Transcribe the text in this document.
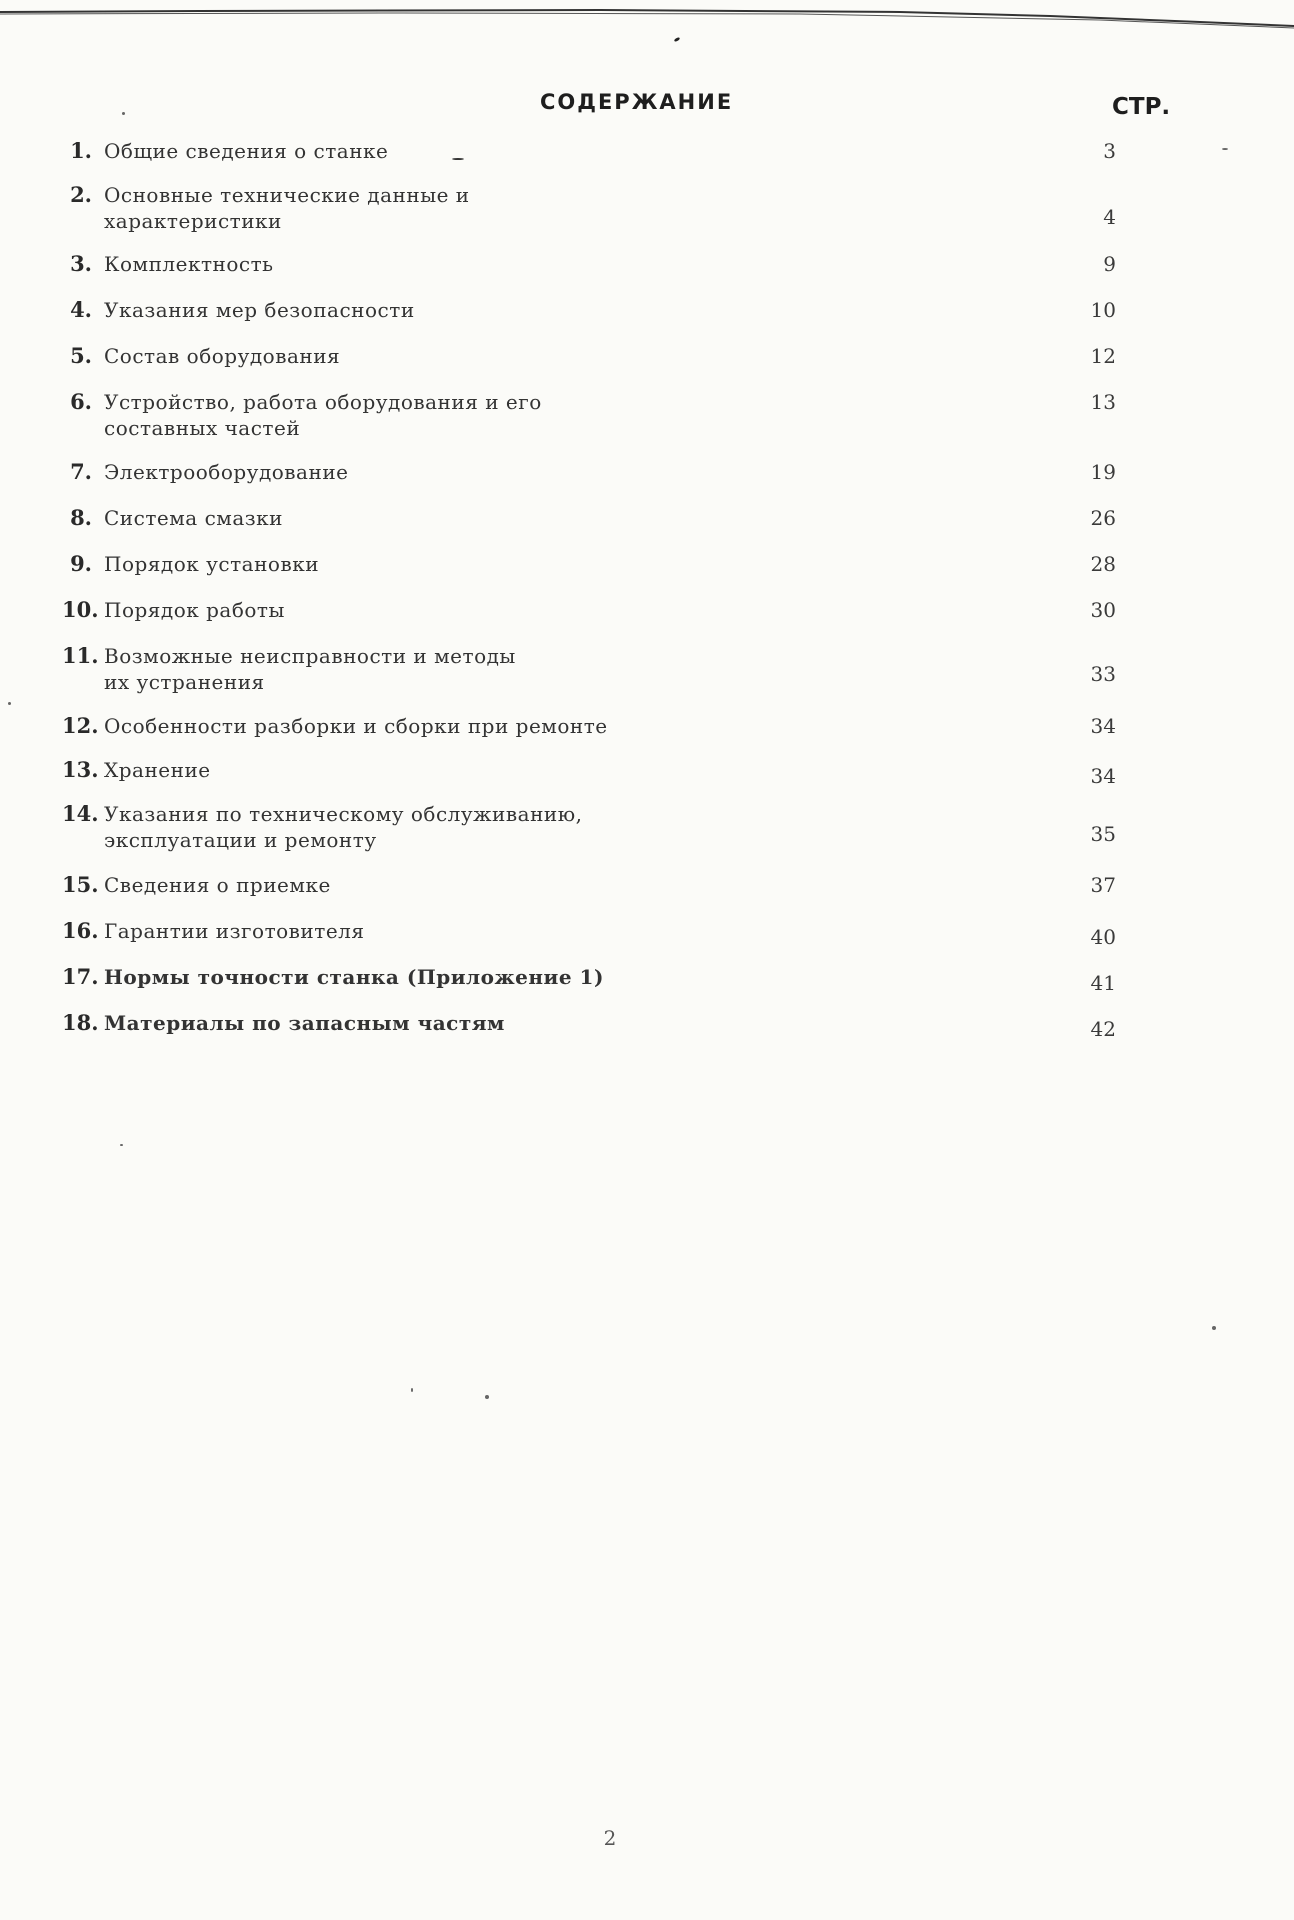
СОДЕРЖАНИЕ	СТР.
1. Общие сведения о станке	3
2. Основные технические данные и
характеристики	4
3. Комплектность	9
4. Указания мер безопасности	10
5. Состав оборудования	12
6. Устройство, работа оборудования и его
составных частей
13
7. Электрооборудование	19
8. Система смазки	26
9. Порядок установки	28
10. Порядок работы	30
11. Возможные неисправности и методы
их устранения	33
12. Особенности разборки и сборки при ремонте	34
13. Хранение	34
14. Указания по техническому обслуживанию,
эксплуатации и ремонту	35
15. Сведения о приемке	37
16. Гарантии изготовителя	40
17. Нормы точности станка (Приложение 1)	41
18. Материалы по запасным частям	42
2
